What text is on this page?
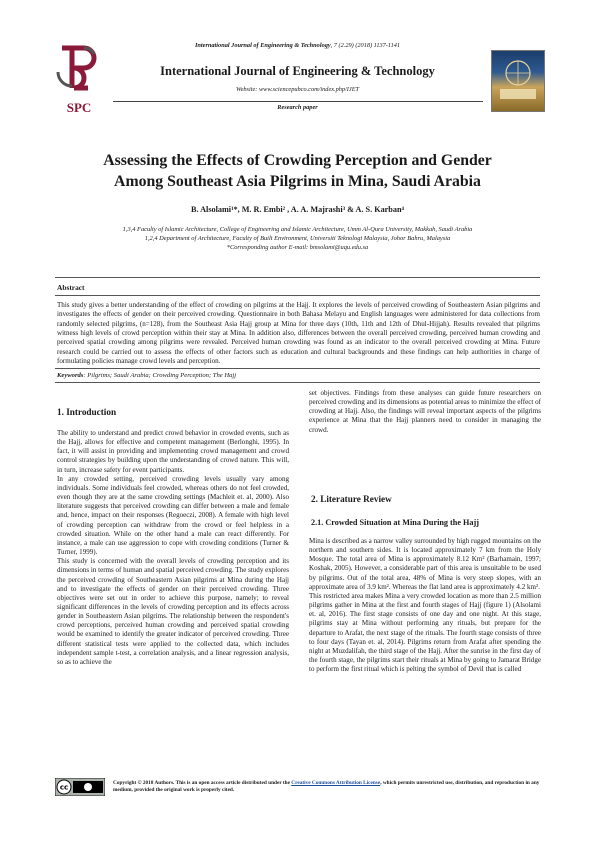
International Journal of Engineering & Technology, 7 (2.29) (2018) 1137-1141
SPC
International Journal of Engineering & Technology
Website: www.sciencepubco.com/index.php/IJET
Research paper
Assessing the Effects of Crowding Perception and Gender
Among Southeast Asia Pilgrims in Mina, Saudi Arabia
B. Alsolami¹*, M. R. Embi² , A. A. Majrashi³ & A. S. Karban⁴
1,3,4 Faculty of Islamic Architecture, College of Engineering and Islamic Architecture, Umm Al-Qura University, Makkah, Saudi Arabia
1,2,4 Department of Architecture, Faculty of Built Environment, Universiti Teknologi Malaysia, Johor Bahru, Malaysia
*Corresponding author E-mail: bmsolami@uqu.edu.sa
Abstract
This study gives a better understanding of the effect of crowding on pilgrims at the Hajj. It explores the levels of perceived crowding of Southeastern Asian pilgrims and investigates the effects of gender on their perceived crowding. Questionnaire in both Bahasa Melayu and English languages were administered for data collections from randomly selected pilgrims, (n=128), from the Southeast Asia Hajj group at Mina for three days (10th, 11th and 12th of Dhul-Hijjah). Results revealed that pilgrims witness high levels of crowd perception within their stay at Mina. In addition also, differences between the overall perceived crowding, perceived human crowding and perceived spatial crowding among pilgrims were revealed. Perceived human crowding was found as an indicator to the overall perceived crowding at Mina. Future research could be carried out to assess the effects of other factors such as education and cultural backgrounds and these findings can help authorities in charge of formulating policies manage crowd levels and perception.
Keywords: Pilgrims; Saudi Arabia; Crowding Perception; The Hajj
1. Introduction

The ability to understand and predict crowd behavior in crowded events, such as the Hajj, allows for effective and competent management (Berlonghi, 1995). In fact, it will assist in providing and implementing crowd management and crowd control strategies by building upon the understanding of crowd nature. This will, in turn, increase safety for event participants.

In any crowded setting, perceived crowding levels usually vary among individuals. Some individuals feel crowded, whereas others do not feel crowded, even though they are at the same crowding settings (Machleit et. al, 2000). Also literature suggests that perceived crowding can differ between a male and female and, hence, impact on their responses (Regoeczi, 2008). A female with high level of crowding perception can withdraw from the crowd or feel helpless in a crowded situation. While on the other hand a male can react differently. For instance, a male can use aggression to cope with crowding conditions (Turner & Turner, 1999).

This study is concerned with the overall levels of crowding perception and its dimensions in terms of human and spatial perceived crowding. The study explores the perceived crowding of Southeastern Asian pilgrims at Mina during the Hajj and to investigate the effects of gender on their perceived crowding. Three objectives were set out in order to achieve this purpose, namely; to reveal significant differences in the levels of crowding perception and its effects across gender in Southeastern Asian pilgrims. The relationship between the respondent's crowd perceptions, perceived human crowding and perceived spatial crowding would be examined to identify the greater indicator of perceived crowding. Three different statistical tests were applied to the collected data, which includes independent sample t-test, a correlation analysis, and a linear regression analysis, so as to achieve the

set objectives. Findings from these analyses can guide future researchers on perceived crowding and its dimensions as potential areas to minimize the effect of crowding at Hajj. Also, the findings will reveal important aspects of the pilgrims experience at Mina that the Hajj planners need to consider in managing the crowd.

2. Literature Review
2.1. Crowded Situation at Mina During the Hajj

Mina is described as a narrow valley surrounded by high rugged mountains on the northern and southern sides. It is located approximately 7 km from the Holy Mosque. The total area of Mina is approximately 8.12 Km² (Barhamain, 1997; Koshak, 2005). However, a considerable part of this area is unsuitable to be used by pilgrims. Out of the total area, 48% of Mina is very steep slopes, with an approximate area of 3.9 km². Whereas the flat land area is approximately 4.2 km².

This restricted area makes Mina a very crowded location as more than 2.5 million pilgrims gather in Mina at the first and fourth stages of Hajj (figure 1) (Alsolami et. al, 2016). The first stage consists of one day and one night. At this stage, pilgrims stay at Mina without performing any rituals, but prepare for the departure to Arafat, the next stage of the rituals. The fourth stage consists of three to four days (Tayan et. al, 2014). Pilgrims return from Arafat after spending the night at Muzdalifah, the third stage of the Hajj. After the sunrise in the first day of the fourth stage, the pilgrims start their rituals at Mina by going to Jamarat Bridge to perform the first ritual which is pelting the symbol of Devil that is called

cc
Copyright © 2018 Authors. This is an open access article distributed under the Creative Commons Attribution License, which permits unrestricted use, distribution, and reproduction in any medium, provided the original work is properly cited.
